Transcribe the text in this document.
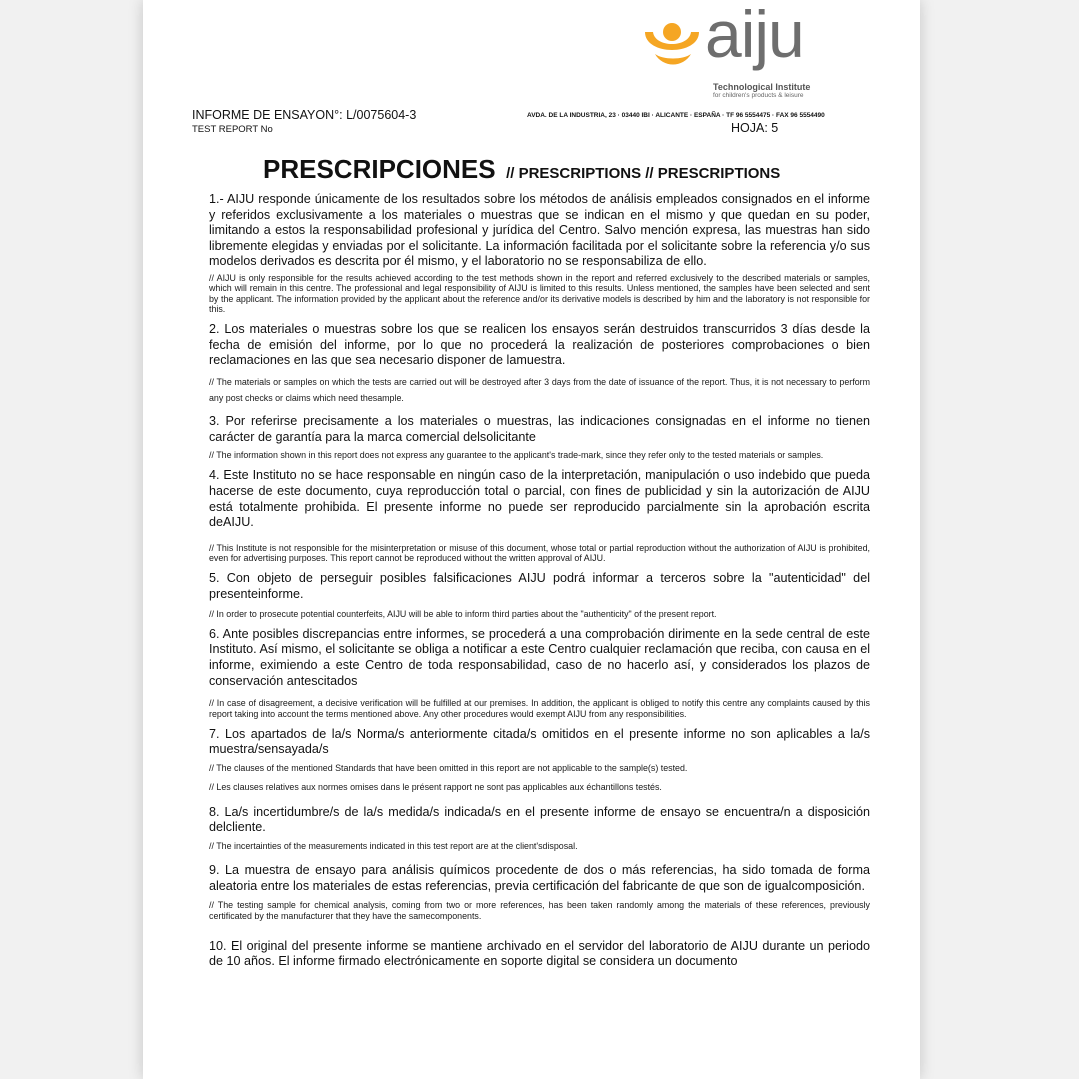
aiju
Technological Institute
for children's products & leisure
INFORME DE ENSAYON°: L/0075604-3
TEST REPORT No
AVDA. DE LA INDUSTRIA, 23 · 03440 IBI · ALICANTE · ESPAÑA · TF 96 5554475 · FAX 96 5554490
HOJA: 5
PRESCRIPCIONES // PRESCRIPTIONS // PRESCRIPTIONS

1.- AIJU responde únicamente de los resultados sobre los métodos de análisis empleados consignados en el informe y referidos exclusivamente a los materiales o muestras que se indican en el mismo y que quedan en su poder, limitando a estos la responsabilidad profesional y jurídica del Centro. Salvo mención expresa, las muestras han sido libremente elegidas y enviadas por el solicitante. La información facilitada por el solicitante sobre la referencia y/o sus modelos derivados es descrita por él mismo, y el laboratorio no se responsabiliza de ello.

// AIJU is only responsible for the results achieved according to the test methods shown in the report and referred exclusively to the described materials or samples, which will remain in this centre. The professional and legal responsibility of AIJU is limited to this results. Unless mentioned, the samples have been selected and sent by the applicant. The information provided by the applicant about the reference and/or its derivative models is described by him and the laboratory is not responsible for this.

2. Los materiales o muestras sobre los que se realicen los ensayos serán destruidos transcurridos 3 días desde la fecha de emisión del informe, por lo que no procederá la realización de posteriores comprobaciones o bien reclamaciones en las que sea necesario disponer de lamuestra.

// The materials or samples on which the tests are carried out will be destroyed after 3 days from the date of issuance of the report. Thus, it is not necessary to perform any post checks or claims which need thesample.

3. Por referirse precisamente a los materiales o muestras, las indicaciones consignadas en el informe no tienen carácter de garantía para la marca comercial delsolicitante

// The information shown in this report does not express any guarantee to the applicant's trade-mark, since they refer only to the tested materials or samples.

4. Este Instituto no se hace responsable en ningún caso de la interpretación, manipulación o uso indebido que pueda hacerse de este documento, cuya reproducción total o parcial, con fines de publicidad y sin la autorización de AIJU está totalmente prohibida. El presente informe no puede ser reproducido parcialmente sin la aprobación escrita deAIJU.

// This Institute is not responsible for the misinterpretation or misuse of this document, whose total or partial reproduction without the authorization of AIJU is prohibited, even for advertising purposes. This report cannot be reproduced without the written approval of AIJU.

5. Con objeto de perseguir posibles falsificaciones AIJU podrá informar a terceros sobre la "autenticidad" del presenteinforme.

// In order to prosecute potential counterfeits, AIJU will be able to inform third parties about the "authenticity" of the present report.

6. Ante posibles discrepancias entre informes, se procederá a una comprobación dirimente en la sede central de este Instituto. Así mismo, el solicitante se obliga a notificar a este Centro cualquier reclamación que reciba, con causa en el informe, eximiendo a este Centro de toda responsabilidad, caso de no hacerlo así, y considerados los plazos de conservación antescitados

// In case of disagreement, a decisive verification will be fulfilled at our premises. In addition, the applicant is obliged to notify this centre any complaints caused by this report taking into account the terms mentioned above. Any other procedures would exempt AIJU from any responsibilities.

7. Los apartados de la/s Norma/s anteriormente citada/s omitidos en el presente informe no son aplicables a la/s muestra/sensayada/s

// The clauses of the mentioned Standards that have been omitted in this report are not applicable to the sample(s) tested.

// Les clauses relatives aux normes omises dans le présent rapport ne sont pas applicables aux échantillons testés.

8. La/s incertidumbre/s de la/s medida/s indicada/s en el presente informe de ensayo se encuentra/n a disposición delcliente.

// The incertainties of the measurements indicated in this test report are at the client'sdisposal.

9. La muestra de ensayo para análisis químicos procedente de dos o más referencias, ha sido tomada de forma aleatoria entre los materiales de estas referencias, previa certificación del fabricante de que son de igualcomposición.

// The testing sample for chemical analysis, coming from two or more references, has been taken randomly among the materials of these references, previously certificated by the manufacturer that they have the samecomponents.

10. El original del presente informe se mantiene archivado en el servidor del laboratorio de AIJU durante un periodo de 10 años. El informe firmado electrónicamente en soporte digital se considera un documento
